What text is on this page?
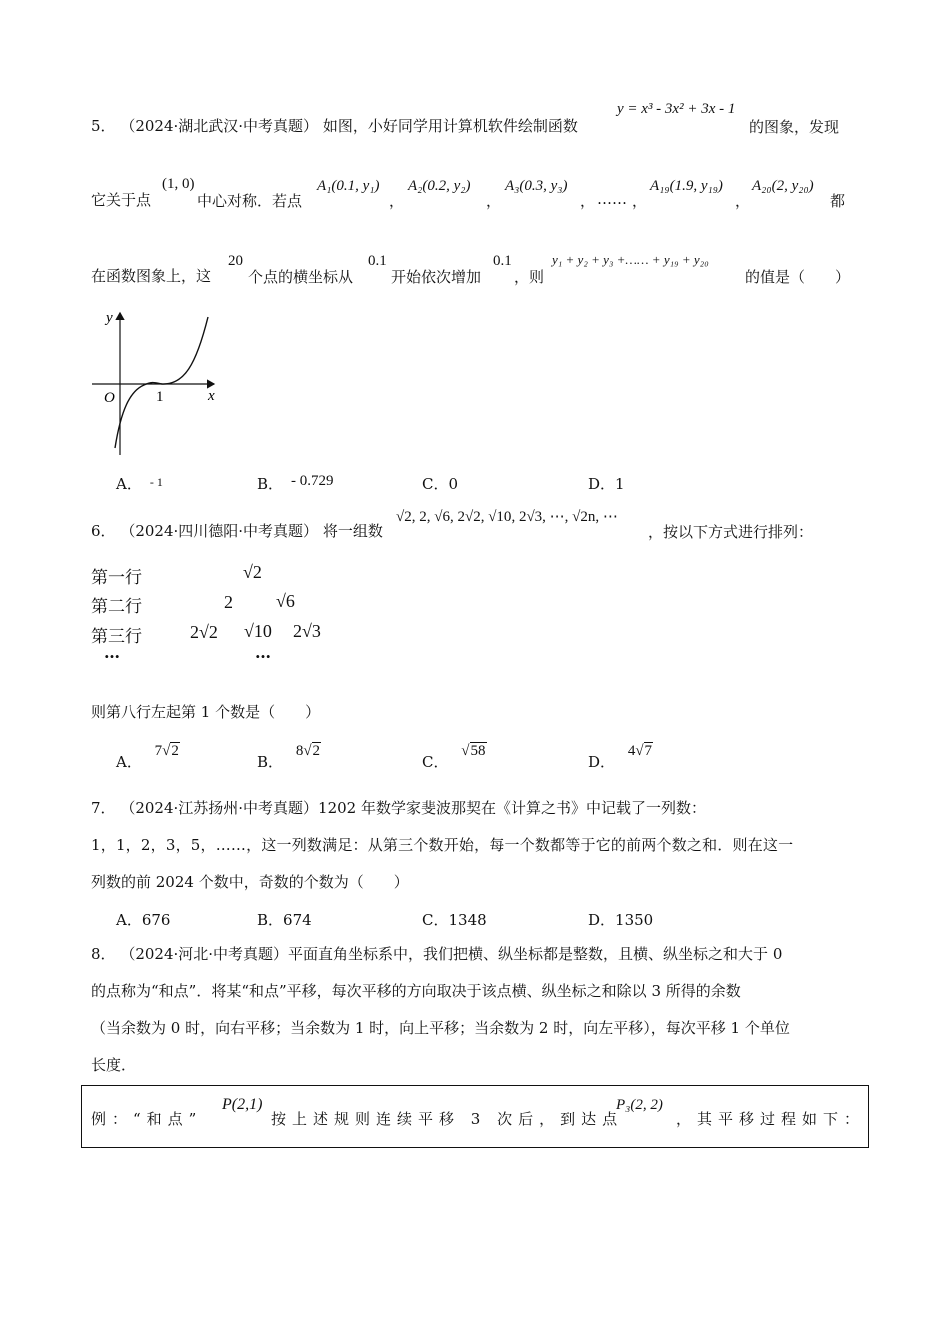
5． （2024·湖北武汉·中考真题） 如图，小好同学用计算机软件绘制函数
y = x³ - 3x² + 3x - 1
的图象，发现
它关于点
(1, 0)
中心对称．若点
A₁(0.1, y₁)
，
A₂(0.2, y₂)
，
A₃(0.3, y₃)
， …… ，
A₁₉(1.9, y₁₉)
，
A₂₀(2, y₂₀)
都
在函数图象上，这
20
个点的横坐标从
0.1
开始依次增加
0.1
，则
y₁ + y₂ + y₃ +…… + y₁₉ + y₂₀
的值是（　　）
y
x
O	1
A． $^{- 1}$	B． - 0.729	C．0	D．1
6． （2024·四川德阳·中考真题） 将一组数
√2, 2, √6, 2√2, √10, 2√3, ⋯, √2n, ⋯
，按以下方式进行排列：
第一行	√2
第二行	2 √6
第三行	2√2 √10 2√3
…	…
则第八行左起第 1 个数是（　　）
A． 7√2
B． 8√2
C． √58
D． 4√7
7． （2024·江苏扬州·中考真题）1202 年数学家斐波那契在《计算之书》中记载了一列数：
1，1，2，3，5，……，这一列数满足：从第三个数开始，每一个数都等于它的前两个数之和．则在这一
列数的前 2024 个数中，奇数的个数为（　　）
A．676	B．674	C．1348	D．1350
8． （2024·河北·中考真题）平面直角坐标系中，我们把横、纵坐标都是整数，且横、纵坐标之和大于 0
的点称为“和点”．将某“和点”平移，每次平移的方向取决于该点横、纵坐标之和除以 3 所得的余数
（当余数为 0 时，向右平移；当余数为 1 时，向上平移；当余数为 2 时，向左平移），每次平移 1 个单位
长度．
例：“和点”
P(2,1)
按上述规则连续平移 3 次后，到达点
P₃(2, 2)
，其平移过程如下：
